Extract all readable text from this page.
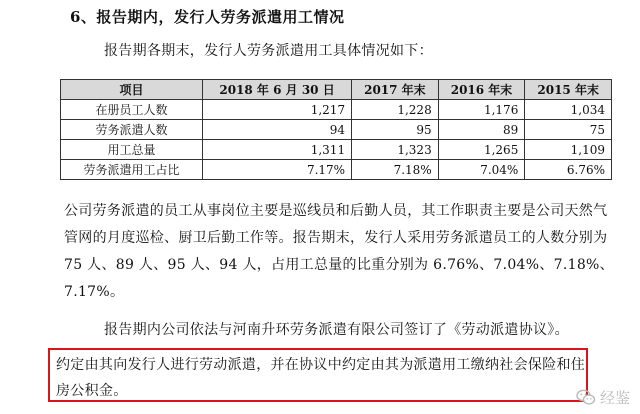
6、报告期内，发行人劳务派遣用工情况
报告期各期末，发行人劳务派遣用工具体情况如下：
项目	2018 年 6 月 30 日	2017 年末	2016 年末	2015 年末
在册员工人数	1,217	1,228	1,176	1,034
劳务派遣人数	94	95	89	75
用工总量	1,311	1,323	1,265	1,109
劳务派遣用工占比	7.17%	7.18%	7.04%	6.76%
公司劳务派遣的员工从事岗位主要是巡线员和后勤人员，其工作职责主要是公司天然气管网的月度巡检、厨卫后勤工作等。报告期末，发行人采用劳务派遣员工的人数分别为 75 人、89 人、95 人、94 人，占用工总量的比重分别为 6.76%、7.04%、7.18%、7.17%。
报告期内公司依法与河南升环劳务派遣有限公司签订了《劳动派遣协议》。
约定由其向发行人进行劳动派遣，并在协议中约定由其为派遣用工缴纳社会保险和住房公积金。	经鉴
